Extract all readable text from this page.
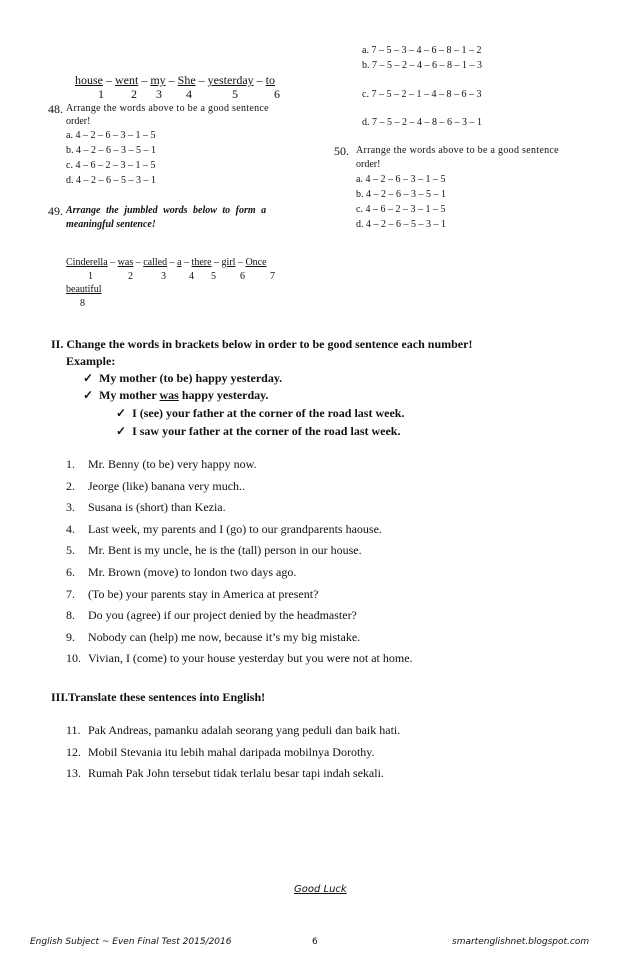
house – went – my – She – yesterday – to
1 2 3 4	5	6
48. Arrange the words above to be a good sentence
order!
a. 4 – 2 – 6 – 3 – 1 – 5
b. 4 – 2 – 6 – 3 – 5 – 1
c. 4 – 6 – 2 – 3 – 1 – 5
d. 4 – 2 – 6 – 5 – 3 – 1
49. Arrange the jumbled words below to form a
meaningful sentence!
Cinderella – was – called – a – there – girl – Once
1	2	3 4 5 6	7
beautiful
8
a. 7 – 5 – 3 – 4 – 6 – 8 – 1 – 2
b. 7 – 5 – 2 – 4 – 6 – 8 – 1 – 3
c. 7 – 5 – 2 – 1 – 4 – 8 – 6 – 3
d. 7 – 5 – 2 – 4 – 8 – 6 – 3 – 1
50. Arrange the words above to be a good sentence
order!
a. 4 – 2 – 6 – 3 – 1 – 5
b. 4 – 2 – 6 – 3 – 5 – 1
c. 4 – 6 – 2 – 3 – 1 – 5
d. 4 – 2 – 6 – 5 – 3 – 1
II. Change the words in brackets below in order to be good sentence each number!
Example:
✓  My mother (to be) happy yesterday.
✓  My mother was happy yesterday.
✓  I (see) your father at the corner of the road last week.
✓  I saw your father at the corner of the road last week.
1. Mr. Benny (to be) very happy now.
2. Jeorge (like) banana very much..
3. Susana is (short) than Kezia.
4. Last week, my parents and I (go) to our grandparents haouse.
5. Mr. Bent is my uncle, he is the (tall) person in our house.
6. Mr. Brown (move) to london two days ago.
7. (To be) your parents stay in America at present?
8. Do you (agree) if our project denied by the headmaster?
9. Nobody can (help) me now, because it’s my big mistake.
10. Vivian, I (come) to your house yesterday but you were not at home.
III.Translate these sentences into English!
11. Pak Andreas, pamanku adalah seorang yang peduli dan baik hati.
12. Mobil Stevania itu lebih mahal daripada mobilnya Dorothy.
13. Rumah Pak John tersebut tidak terlalu besar tapi indah sekali.
Good Luck
English Subject ~ Even Final Test 2015/2016	6	smartenglishnet.blogspot.com
